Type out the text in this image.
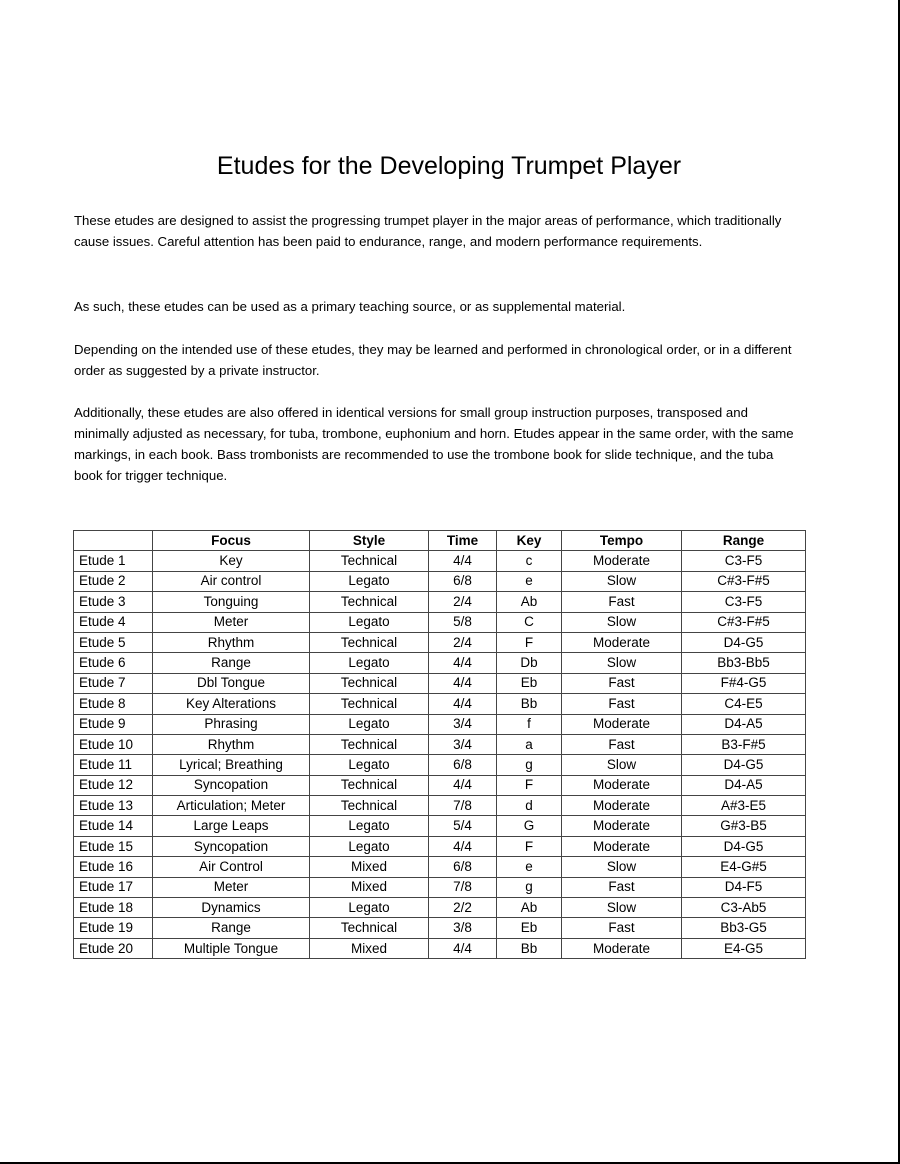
Etudes for the Developing Trumpet Player

These etudes are designed to assist the progressing trumpet player in the major areas of performance, which traditionally cause issues. Careful attention has been paid to endurance, range, and modern performance requirements.

As such, these etudes can be used as a primary teaching source, or as supplemental material.

Depending on the intended use of these etudes, they may be learned and performed in chronological order, or in a different order as suggested by a private instructor.

Additionally, these etudes are also offered in identical versions for small group instruction purposes, transposed and minimally adjusted as necessary, for tuba, trombone, euphonium and horn. Etudes appear in the same order, with the same markings, in each book. Bass trombonists are recommended to use the trombone book for slide technique, and the tuba book for trigger technique.

	Focus	Style	Time	Key	Tempo	Range
Etude 1	Key	Technical	4/4	c	Moderate	C3-F5
Etude 2	Air control	Legato	6/8	e	Slow	C#3-F#5
Etude 3	Tonguing	Technical	2/4	Ab	Fast	C3-F5
Etude 4	Meter	Legato	5/8	C	Slow	C#3-F#5
Etude 5	Rhythm	Technical	2/4	F	Moderate	D4-G5
Etude 6	Range	Legato	4/4	Db	Slow	Bb3-Bb5
Etude 7	Dbl Tongue	Technical	4/4	Eb	Fast	F#4-G5
Etude 8	Key Alterations	Technical	4/4	Bb	Fast	C4-E5
Etude 9	Phrasing	Legato	3/4	f	Moderate	D4-A5
Etude 10	Rhythm	Technical	3/4	a	Fast	B3-F#5
Etude 11	Lyrical; Breathing	Legato	6/8	g	Slow	D4-G5
Etude 12	Syncopation	Technical	4/4	F	Moderate	D4-A5
Etude 13	Articulation; Meter	Technical	7/8	d	Moderate	A#3-E5
Etude 14	Large Leaps	Legato	5/4	G	Moderate	G#3-B5
Etude 15	Syncopation	Legato	4/4	F	Moderate	D4-G5
Etude 16	Air Control	Mixed	6/8	e	Slow	E4-G#5
Etude 17	Meter	Mixed	7/8	g	Fast	D4-F5
Etude 18	Dynamics	Legato	2/2	Ab	Slow	C3-Ab5
Etude 19	Range	Technical	3/8	Eb	Fast	Bb3-G5
Etude 20	Multiple Tongue	Mixed	4/4	Bb	Moderate	E4-G5
